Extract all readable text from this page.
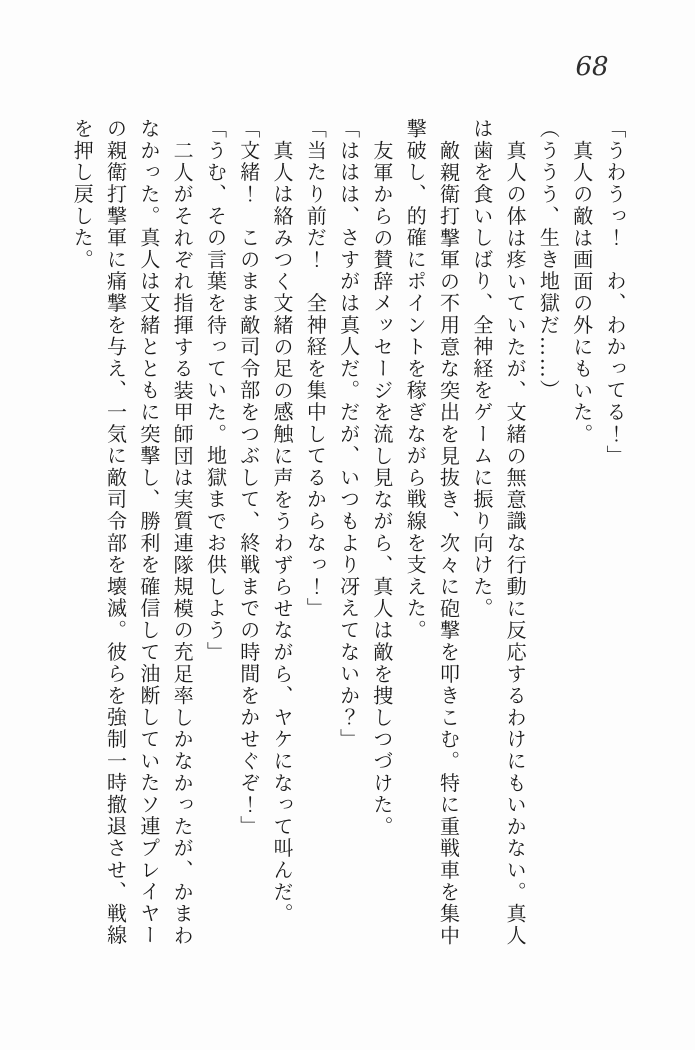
68

「うわうっ！　わ、わかってる！」

真人の敵は画面の外にもいた。

（ううう、生き地獄だ……）

真人の体は疼いていたが、文緒の無意識な行動に反応するわけにもいかない。真人

は歯を食いしばり、全神経をゲームに振り向けた。

敵親衛打撃軍の不用意な突出を見抜き、次々に砲撃を叩きこむ。特に重戦車を集中

撃破し、的確にポイントを稼ぎながら戦線を支えた。

友軍からの賛辞メッセージを流し見ながら、真人は敵を捜しつづけた。

「ははは、さすがは真人だ。だが、いつもより冴えてないか？」

「当たり前だ！　全神経を集中してるからなっ！」

真人は絡みつく文緒の足の感触に声をうわずらせながら、ヤケになって叫んだ。

「文緒！　このまま敵司令部をつぶして、終戦までの時間をかせぐぞ！」

「うむ、その言葉を待っていた。地獄までお供しよう」

二人がそれぞれ指揮する装甲師団は実質連隊規模の充足率しかなかったが、かまわ

なかった。真人は文緒とともに突撃し、勝利を確信して油断していたソ連プレイヤー

の親衛打撃軍に痛撃を与え、一気に敵司令部を壊滅。彼らを強制一時撤退させ、戦線

を押し戻した。
